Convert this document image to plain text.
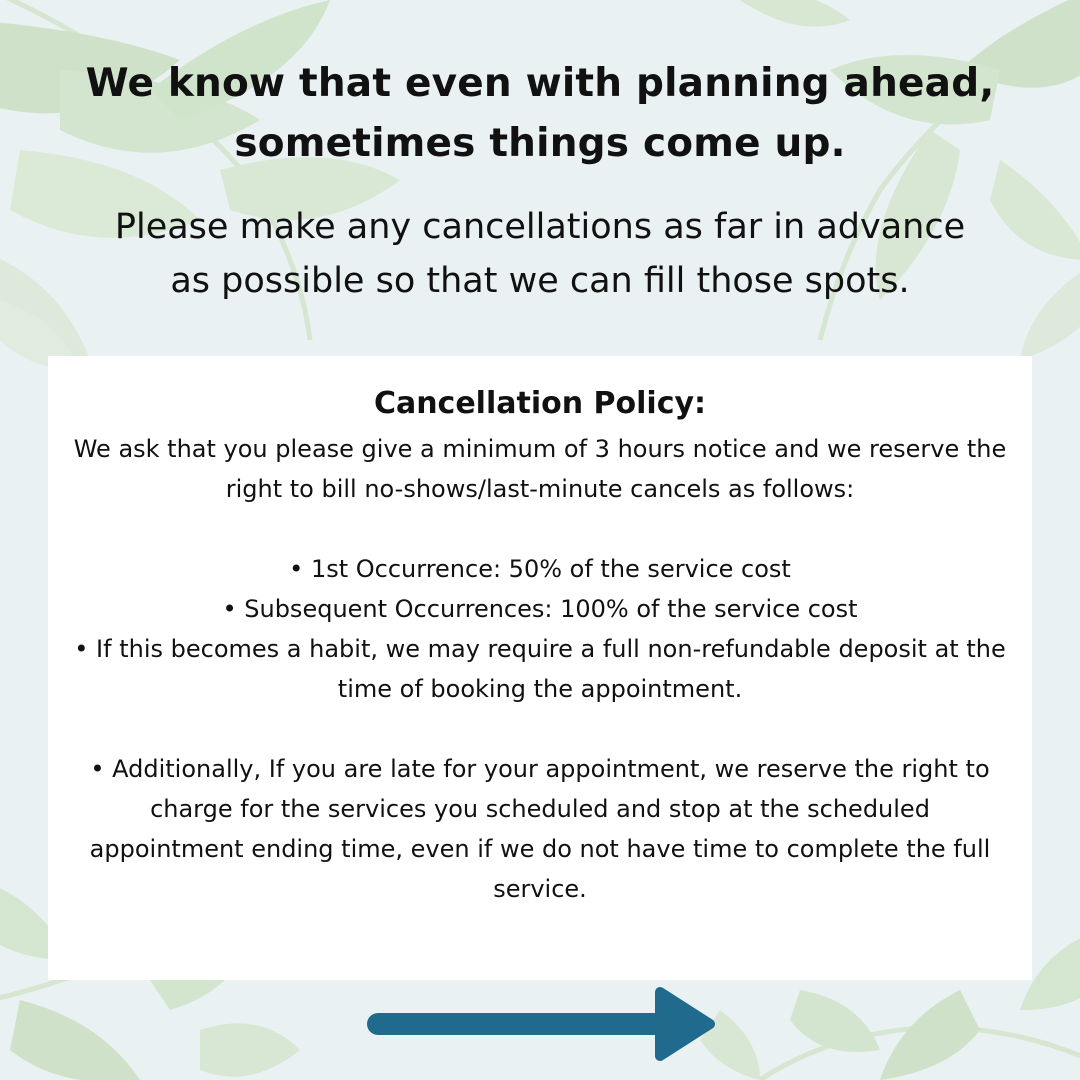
We know that even with planning ahead,
sometimes things come up.
Please make any cancellations as far in advance
as possible so that we can fill those spots.

Cancellation Policy:

We ask that you please give a minimum of 3 hours notice and we reserve the right to bill no-shows/last-minute cancels as follows:

• 1st Occurrence: 50% of the service cost

• Subsequent Occurrences: 100% of the service cost

• If this becomes a habit, we may require a full non-refundable deposit at the time of booking the appointment.

• Additionally, If you are late for your appointment, we reserve the right to charge for the services you scheduled and stop at the scheduled appointment ending time, even if we do not have time to complete the full service.
